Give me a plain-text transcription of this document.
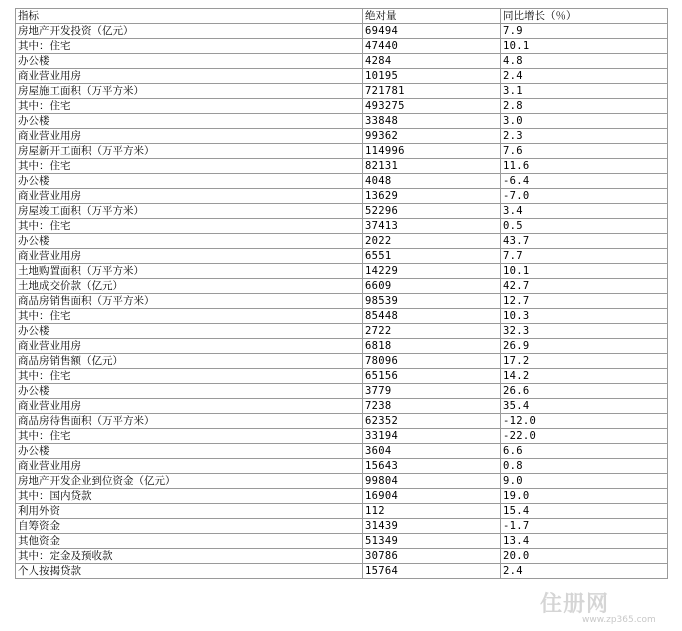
指标	绝对量	同比增长（％）
房地产开发投资（亿元）	69494	7.9
其中：住宅	47440	10.1
办公楼	4284	4.8
商业营业用房	10195	2.4
房屋施工面积（万平方米）	721781	3.1
其中：住宅	493275	2.8
办公楼	33848	3.0
商业营业用房	99362	2.3
房屋新开工面积（万平方米）	114996	7.6
其中：住宅	82131	11.6
办公楼	4048	-6.4
商业营业用房	13629	-7.0
房屋竣工面积（万平方米）	52296	3.4
其中：住宅	37413	0.5
办公楼	2022	43.7
商业营业用房	6551	7.7
土地购置面积（万平方米）	14229	10.1
土地成交价款（亿元）	6609	42.7
商品房销售面积（万平方米）	98539	12.7
其中：住宅	85448	10.3
办公楼	2722	32.3
商业营业用房	6818	26.9
商品房销售额（亿元）	78096	17.2
其中：住宅	65156	14.2
办公楼	3779	26.6
商业营业用房	7238	35.4
商品房待售面积（万平方米）	62352	-12.0
其中：住宅	33194	-22.0
办公楼	3604	6.6
商业营业用房	15643	0.8
房地产开发企业到位资金（亿元）	99804	9.0
其中：国内贷款	16904	19.0
利用外资	112	15.4
自筹资金	31439	-1.7
其他资金	51349	13.4
其中：定金及预收款	30786	20.0
个人按揭贷款	15764	2.4
住册网
www.zp365.com
